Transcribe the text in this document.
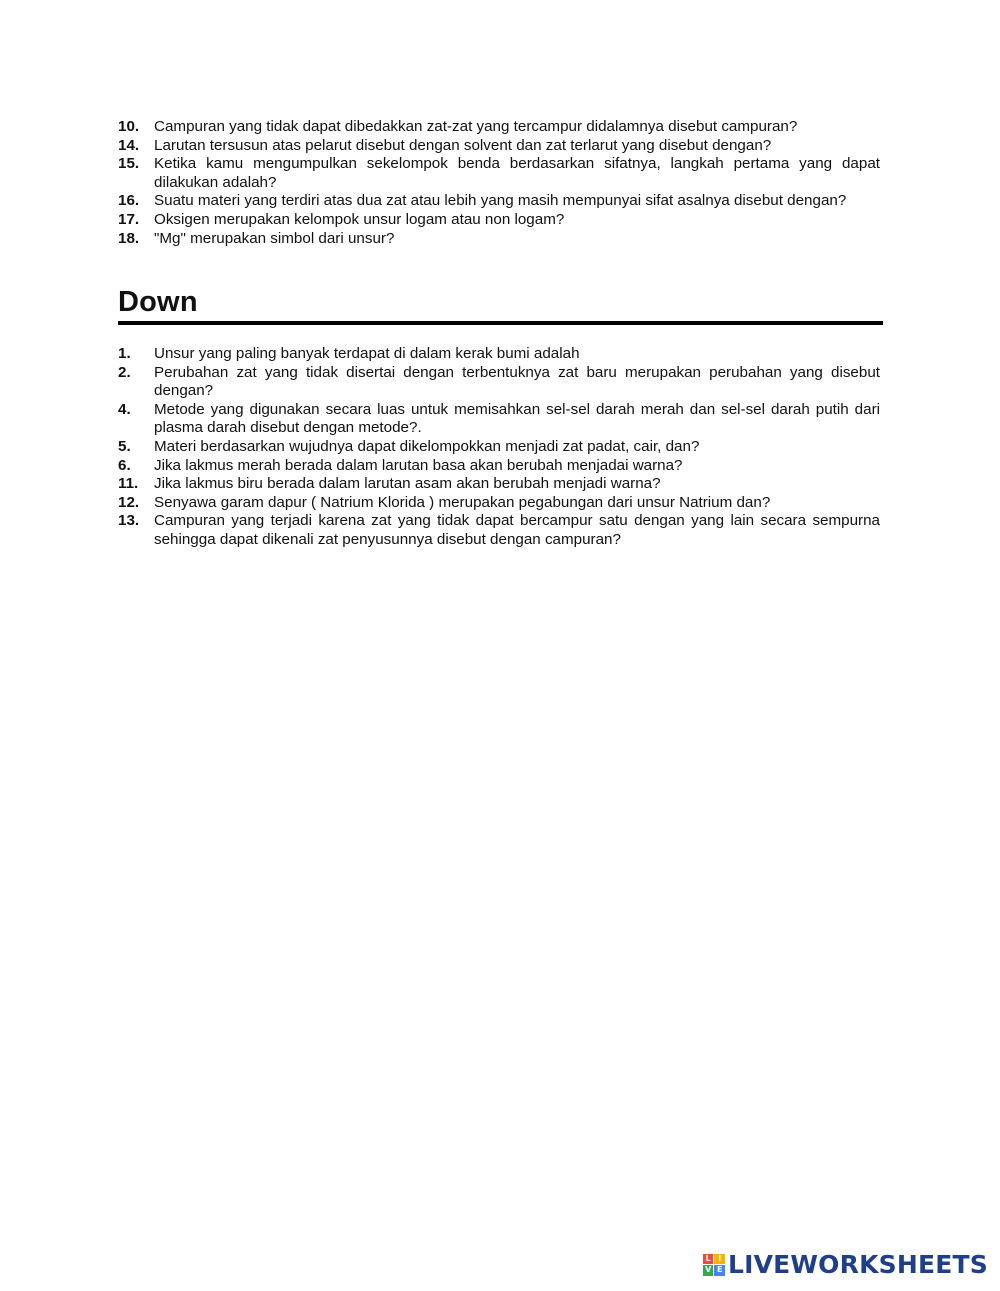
10. Campuran yang tidak dapat dibedakkan zat-zat yang tercampur didalamnya disebut campuran?
14. Larutan tersusun atas pelarut disebut dengan solvent dan zat terlarut yang disebut dengan?
15. Ketika kamu mengumpulkan sekelompok benda berdasarkan sifatnya, langkah pertama yang dapat dilakukan adalah?
16. Suatu materi yang terdiri atas dua zat atau lebih yang masih mempunyai sifat asalnya disebut dengan?
17. Oksigen merupakan kelompok unsur logam atau non logam?
18. "Mg" merupakan simbol dari unsur?
Down
1.	Unsur yang paling banyak terdapat di dalam kerak bumi adalah
2.	Perubahan zat yang tidak disertai dengan terbentuknya zat baru merupakan perubahan yang disebut dengan?
4.	Metode yang digunakan secara luas untuk memisahkan sel-sel darah merah dan sel-sel darah putih dari plasma darah disebut dengan metode?.
5.	Materi berdasarkan wujudnya dapat dikelompokkan menjadi zat padat, cair, dan?
6.	Jika lakmus merah berada dalam larutan basa akan berubah menjadai warna?
11.	Jika lakmus biru berada dalam larutan asam akan berubah menjadi warna?
12. Senyawa garam dapur ( Natrium Klorida ) merupakan pegabungan dari unsur Natrium dan?
13. Campuran yang terjadi karena zat yang tidak dapat bercampur satu dengan yang lain secara sempurna sehingga dapat dikenali zat penyusunnya disebut dengan campuran?
L I
V E LIVEWORKSHEETS
